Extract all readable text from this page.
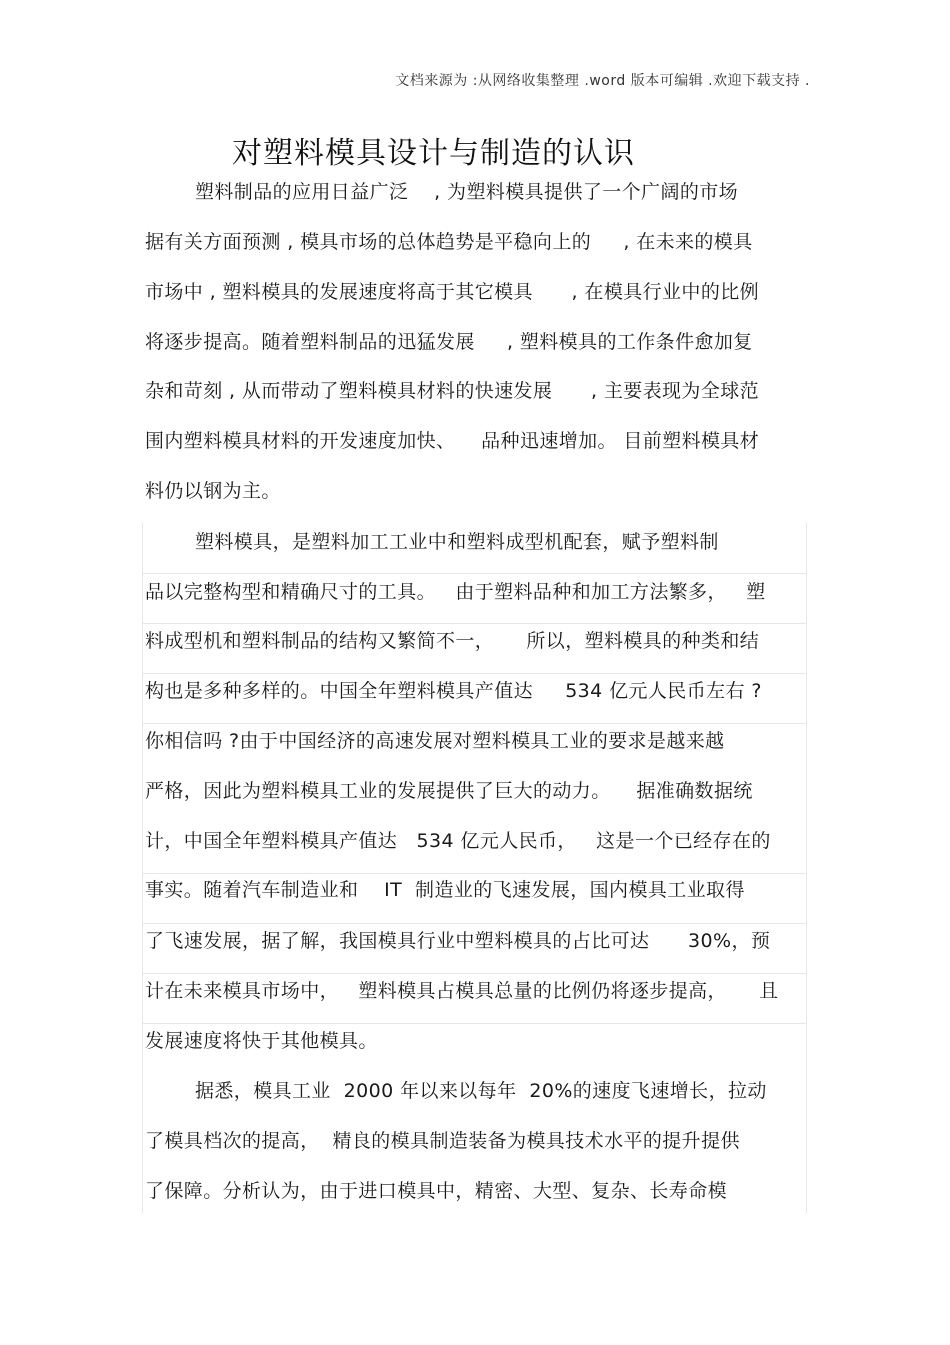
文档来源为 :从网络收集整理 .word 版本可编辑 .欢迎下载支持 .
对塑料模具设计与制造的认识
塑料制品的应用日益广泛    , 为塑料模具提供了一个广阔的市场
据有关方面预测 , 模具市场的总体趋势是平稳向上的     , 在未来的模具
市场中 , 塑料模具的发展速度将高于其它模具      , 在模具行业中的比例
将逐步提高。随着塑料制品的迅猛发展     , 塑料模具的工作条件愈加复
杂和苛刻 , 从而带动了塑料模具材料的快速发展      , 主要表现为全球范
围内塑料模具材料的开发速度加快、    品种迅速增加。 目前塑料模具材
料仍以钢为主。
塑料模具，是塑料加工工业中和塑料成型机配套，赋予塑料制
品以完整构型和精确尺寸的工具。   由于塑料品种和加工方法繁多，   塑
料成型机和塑料制品的结构又繁简不一，     所以，塑料模具的种类和结
构也是多种多样的。中国全年塑料模具产值达     534 亿元人民币左右 ?
你相信吗 ?由于中国经济的高速发展对塑料模具工业的要求是越来越
严格，因此为塑料模具工业的发展提供了巨大的动力。    据准确数据统
计，中国全年塑料模具产值达   534 亿元人民币，   这是一个已经存在的
事实。随着汽车制造业和    IT  制造业的飞速发展，国内模具工业取得
了飞速发展，据了解，我国模具行业中塑料模具的占比可达      30%，预
计在未来模具市场中，   塑料模具占模具总量的比例仍将逐步提高，     且
发展速度将快于其他模具。
据悉，模具工业  2000 年以来以每年  20%的速度飞速增长，拉动
了模具档次的提高，  精良的模具制造装备为模具技术水平的提升提供
了保障。分析认为，由于进口模具中，精密、大型、复杂、长寿命模
